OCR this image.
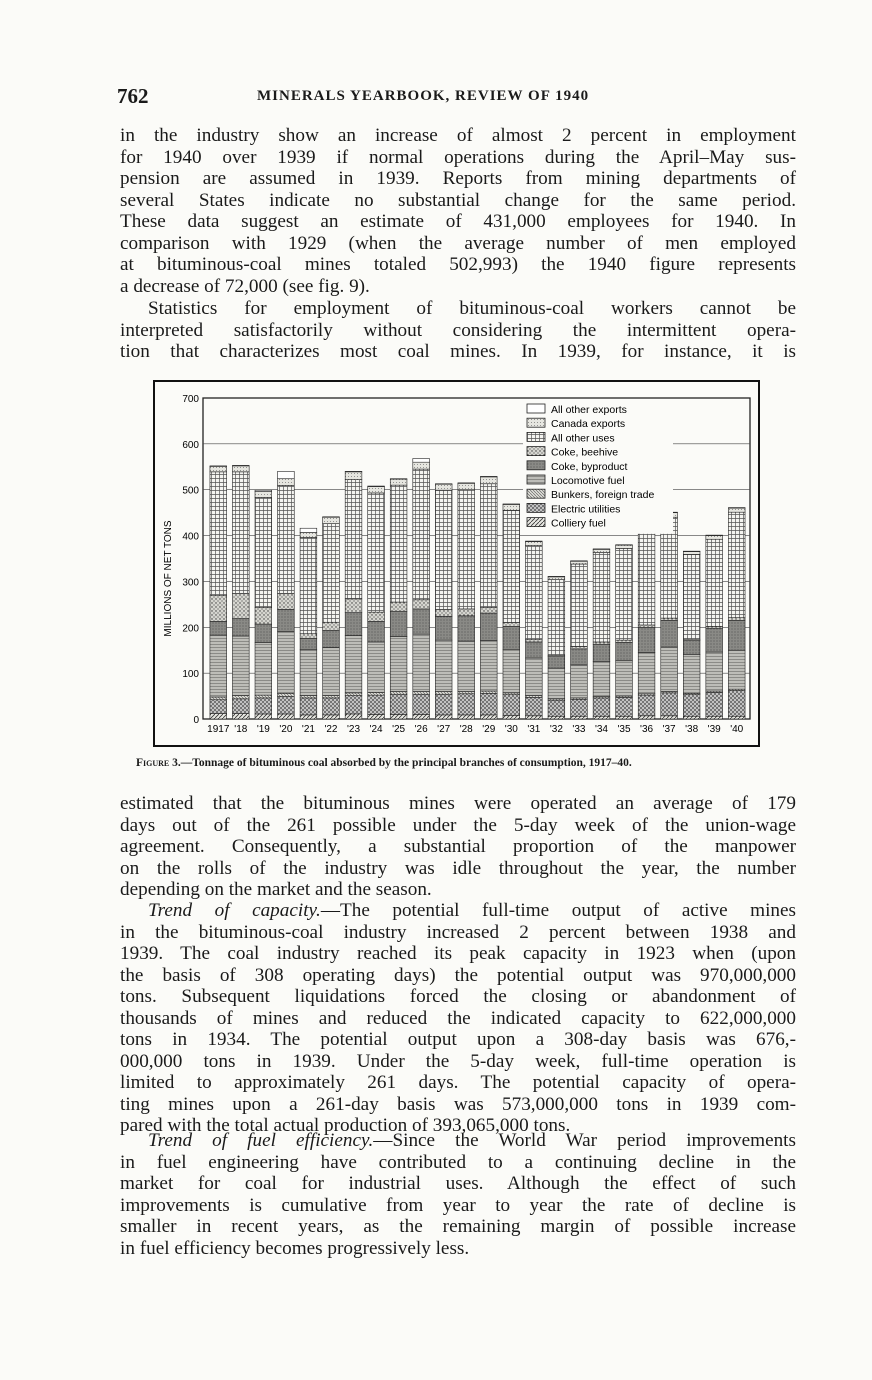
762	MINERALS YEARBOOK, REVIEW OF 1940

in the industry show an increase of almost 2 percent in employment
for 1940 over 1939 if normal operations during the April–May sus-
pension are assumed in 1939. Reports from mining departments of
several States indicate no substantial change for the same period.
These data suggest an estimate of 431,000 employees for 1940. In
comparison with 1929 (when the average number of men employed
at bituminous-coal mines totaled 502,993) the 1940 figure represents
a decrease of 72,000 (see fig. 9).

Statistics for employment of bituminous-coal workers cannot be
interpreted satisfactorily without considering the intermittent opera-
tion that characterizes most coal mines. In 1939, for instance, it is

0
100
200
300
400
500
600
700
MILLIONS OF NET TONS
1917 '18 '19 '20 '21 '22 '23 '24 '25 '26 '27 '28 '29 '30 '31 '32 '33 '34 '35 '36 '37 '38 '39 '40
All other exports
Canada exports
All other uses
Coke, beehive
Coke, byproduct
Locomotive fuel
Bunkers, foreign trade
Electric utilities
Colliery fuel
Figure 3.—Tonnage of bituminous coal absorbed by the principal branches of consumption, 1917–40.

estimated that the bituminous mines were operated an average of 179
days out of the 261 possible under the 5-day week of the union-wage
agreement. Consequently, a substantial proportion of the manpower
on the rolls of the industry was idle throughout the year, the number
depending on the market and the season.

Trend of capacity.—The potential full-time output of active mines
in the bituminous-coal industry increased 2 percent between 1938 and
1939. The coal industry reached its peak capacity in 1923 when (upon
the basis of 308 operating days) the potential output was 970,000,000
tons. Subsequent liquidations forced the closing or abandonment of
thousands of mines and reduced the indicated capacity to 622,000,000
tons in 1934. The potential output upon a 308-day basis was 676,-
000,000 tons in 1939. Under the 5-day week, full-time operation is
limited to approximately 261 days. The potential capacity of opera-
ting mines upon a 261-day basis was 573,000,000 tons in 1939 com-
pared with the total actual production of 393,065,000 tons.

Trend of fuel efficiency.—Since the World War period improvements
in fuel engineering have contributed to a continuing decline in the
market for coal for industrial uses. Although the effect of such
improvements is cumulative from year to year the rate of decline is
smaller in recent years, as the remaining margin of possible increase
in fuel efficiency becomes progressively less.
